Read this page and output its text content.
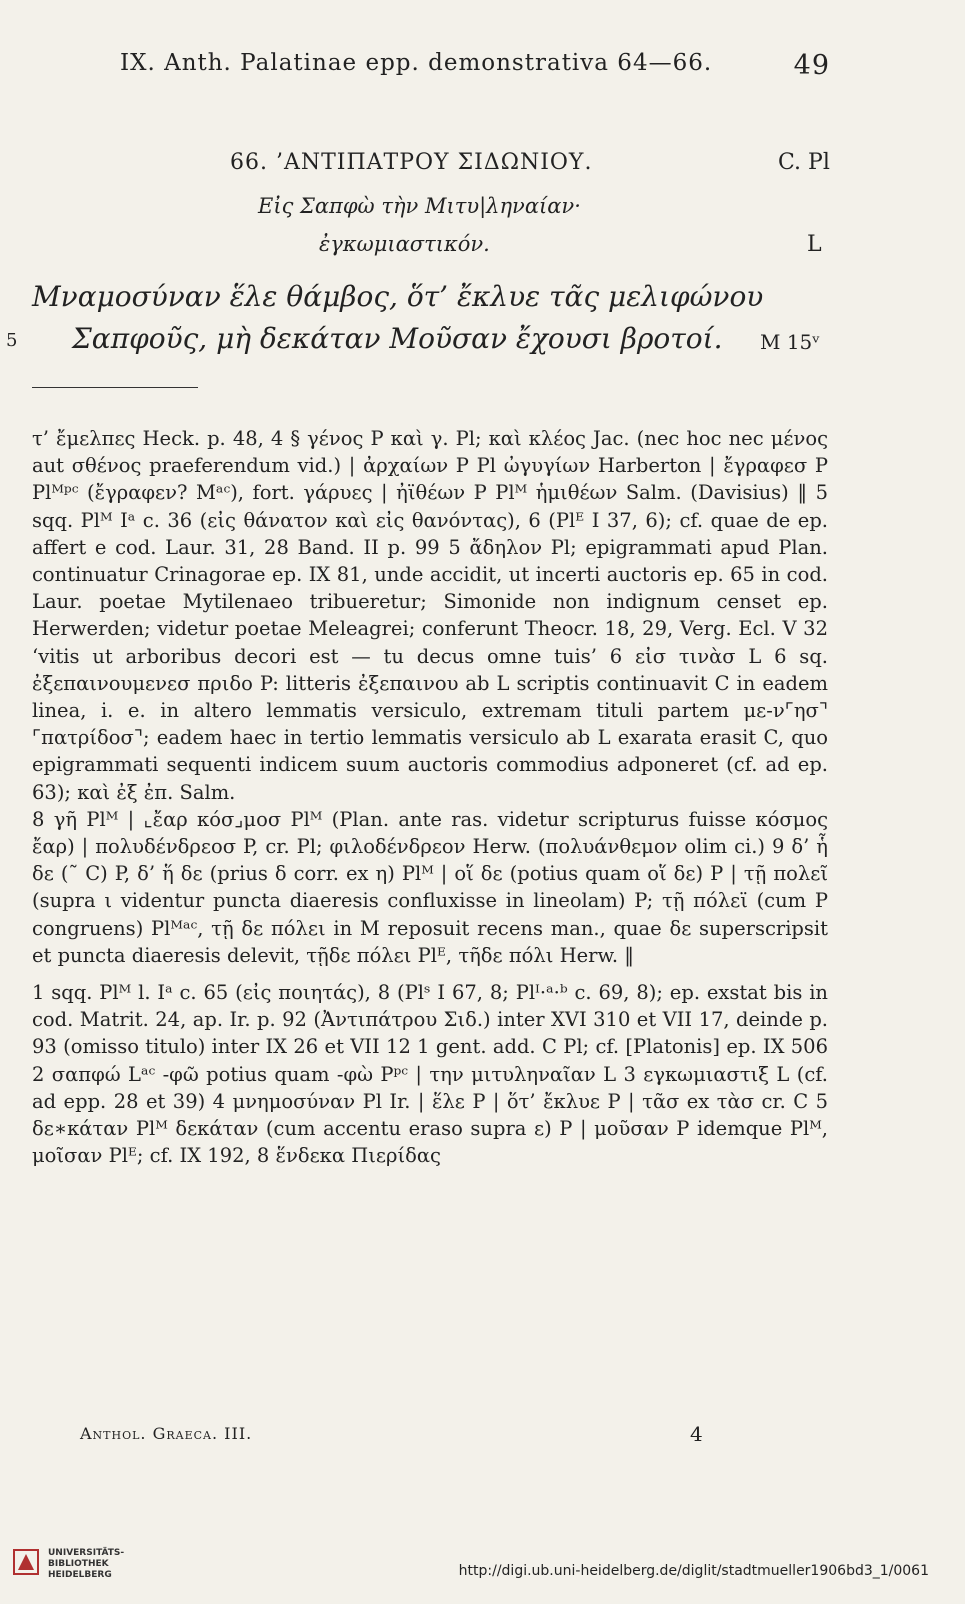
IX. Anth. Palatinae epp. demonstrativa 64—66.	49
66. ’ΑΝΤΙΠΑΤΡΟΥ ΣΙΔΩΝΙΟΥ.	C. Pl
Εἰς Σαπφὼ τὴν Μιτυ|ληναίαν·
ἐγκωμιαστικόν.	L
Μναμοσύναν ἕλε θάμβος, ὅτ’ ἔκλυε τᾶς μελιφώνου
5 Σαπφοῦς, μὴ δεκάταν Μοῦσαν ἔχουσι βροτοί. M 15ᵛ

τ’ ἔμελπες Heck. p. 48, 4 § γένος P καὶ γ. Pl; καὶ κλέος Jac. (nec hoc nec μένος aut σθένος praeferendum vid.) | ἀρχαίων P Pl ὠγυγίων Harberton | ἔγραφεσ P Plᴹᵖᶜ (ἔγραφεν? Mᵃᶜ), fort. γάρυες | ἠϊθέων P Plᴹ ἡμιθέων Salm. (Davisius) ‖ 5 sqq. Plᴹ Iᵃ c. 36 (εἰς θάνατον καὶ εἰς θανόντας), 6 (Plᴱ I 37, 6); cf. quae de ep. affert e cod. Laur. 31, 28 Band. II p. 99 5 ἄδηλον Pl; epigrammati apud Plan. continuatur Crinagorae ep. IX 81, unde accidit, ut incerti auctoris ep. 65 in cod. Laur. poetae Mytilenaeo tribueretur; Simonide non indignum censet ep. Herwerden; videtur poetae Meleagrei; conferunt Theocr. 18, 29, Verg. Ecl. V 32 ‘vitis ut arboribus decori est — tu decus omne tuis’ 6 εἰσ τινὰσ L 6 sq. ἐξεπαινουμενεσ πριδο P: litteris ἐξεπαινου ab L scriptis continuavit C in eadem linea, i. e. in altero lemmatis versiculo, extremam tituli partem με-ν⌜ησ⌝ ⌜πατρίδοσ⌝; eadem haec in tertio lemmatis versiculo ab L exarata erasit C, quo epigrammati sequenti indicem suum auctoris commodius adponeret (cf. ad ep. 63); καὶ ἐξ ἐπ. Salm.

8 γῆ Plᴹ | ⌞ἔαρ κόσ⌟μοσ Plᴹ (Plan. ante ras. videtur scripturus fuisse κόσμος ἔαρ) | πολυδένδρεοσ P, cr. Pl; φιλοδένδρεον Herw. (πολυάνθεμον olim ci.) 9 δ’ ἧ δε (˜ C) P, δ’ ἥ δε (prius δ corr. ex η) Plᴹ | οἵ δε (potius quam οἵ δε) P | τῇ πολεῖ (supra ι videntur puncta diaeresis confluxisse in lineolam) P; τῇ πόλεϊ (cum P congruens) Plᴹᵃᶜ, τῇ δε πόλει in M reposuit recens man., quae δε superscripsit et puncta diaeresis delevit, τῇδε πόλει Plᴱ, τῆδε πόλι Herw. ‖

1 sqq. Plᴹ l. Iᵃ c. 65 (εἰς ποιητάς), 8 (Plˢ I 67, 8; Plᴵ·ᵃ·ᵇ c. 69, 8); ep. exstat bis in cod. Matrit. 24, ap. Ir. p. 92 (Ἀντιπάτρου Σιδ.) inter XVI 310 et VII 17, deinde p. 93 (omisso titulo) inter IX 26 et VII 12 1 gent. add. C Pl; cf. [Platonis] ep. IX 506 2 σαπφώ Lᵃᶜ -φῶ potius quam -φὼ Pᵖᶜ | την μιτυληναῖαν L 3 εγκωμιαστιξ L (cf. ad epp. 28 et 39) 4 μνημοσύναν Pl Ir. | ἕλε P | ὅτ’ ἔκλυε P | τᾶσ ex τὰσ cr. C 5 δε∗κάταν Plᴹ δεκάταν (cum accentu eraso supra ε) P | μοῦσαν P idemque Plᴹ, μοῖσαν Plᴱ; cf. IX 192, 8 ἕνδεκα Πιερίδας

Anthol. Graeca. III.	4
UNIVERSITÄTS-
BIBLIOTHEK
HEIDELBERG	http://digi.ub.uni-heidelberg.de/diglit/stadtmueller1906bd3_1/0061
